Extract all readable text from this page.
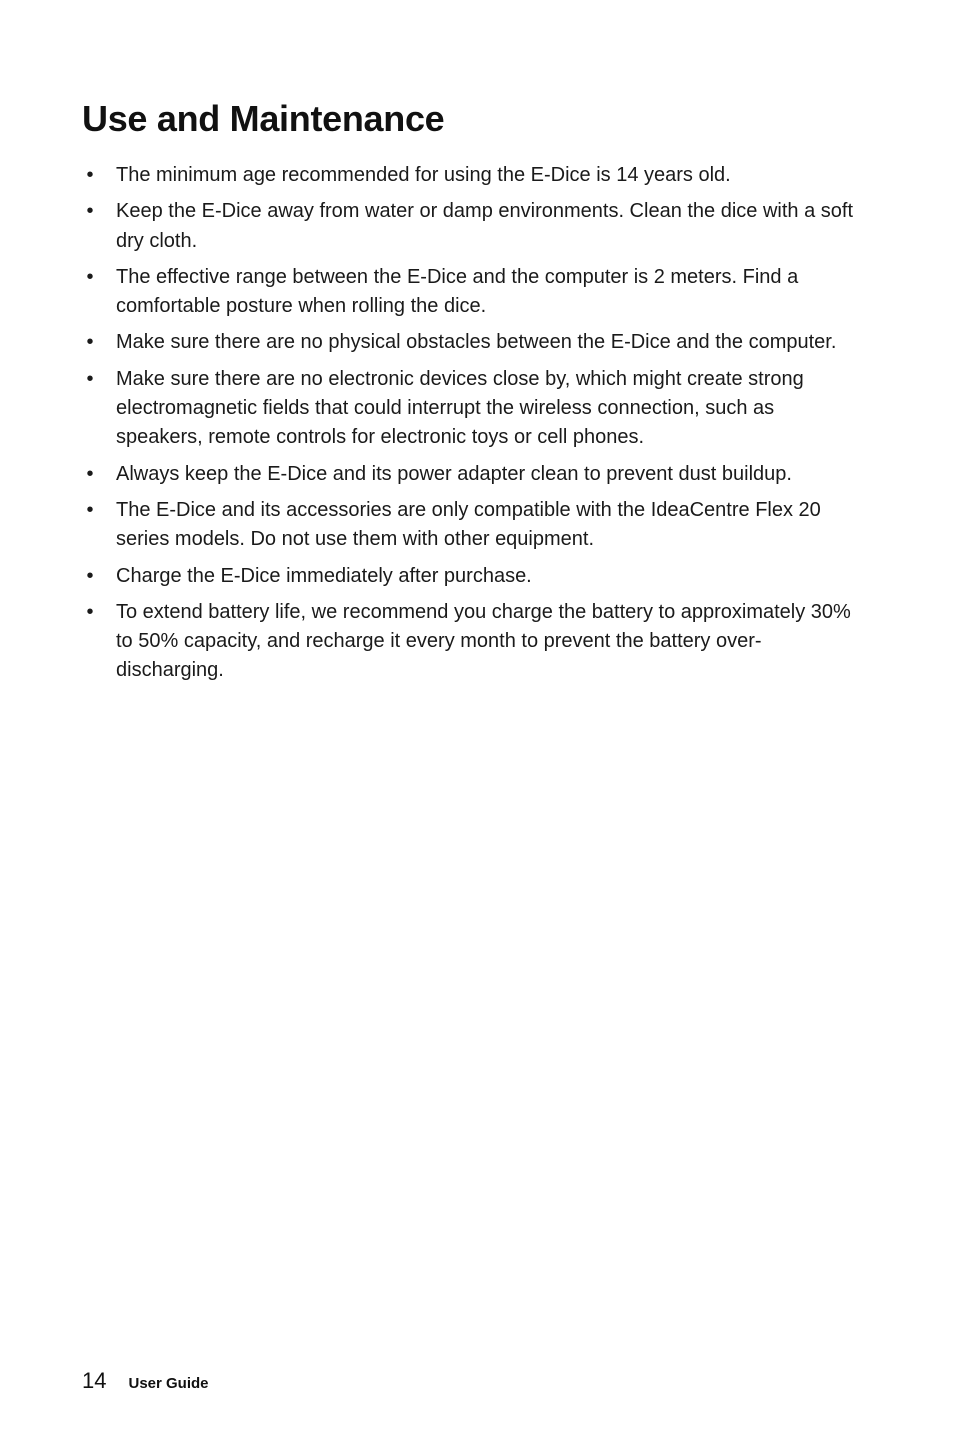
Use and Maintenance
• The minimum age recommended for using the E-Dice is 14 years old.
• Keep the E-Dice away from water or damp environments. Clean the dice with a soft dry cloth.
• The effective range between the E-Dice and the computer is 2 meters. Find a comfortable posture when rolling the dice.
• Make sure there are no physical obstacles between the E-Dice and the computer.
• Make sure there are no electronic devices close by, which might create strong electromagnetic fields that could interrupt the wireless connection, such as speakers, remote controls for electronic toys or cell phones.
• Always keep the E-Dice and its power adapter clean to prevent dust buildup.
• The E-Dice and its accessories are only compatible with the IdeaCentre Flex 20 series models. Do not use them with other equipment.
• Charge the E-Dice immediately after purchase.
• To extend battery life, we recommend you charge the battery to approximately 30% to 50% capacity, and recharge it every month to prevent the battery over-discharging.
14 User Guide
